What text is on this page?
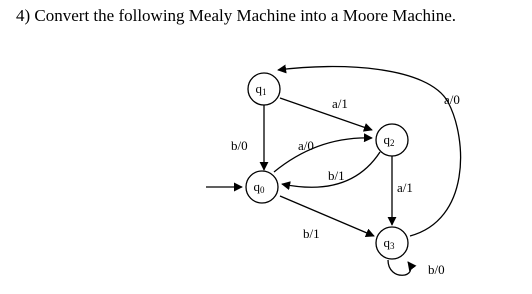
4) Convert the following Mealy Machine into a Moore Machine.
q1
q2
q0
q3
b/0
a/1
a/0
b/1
a/1
b/1
a/0
b/0
